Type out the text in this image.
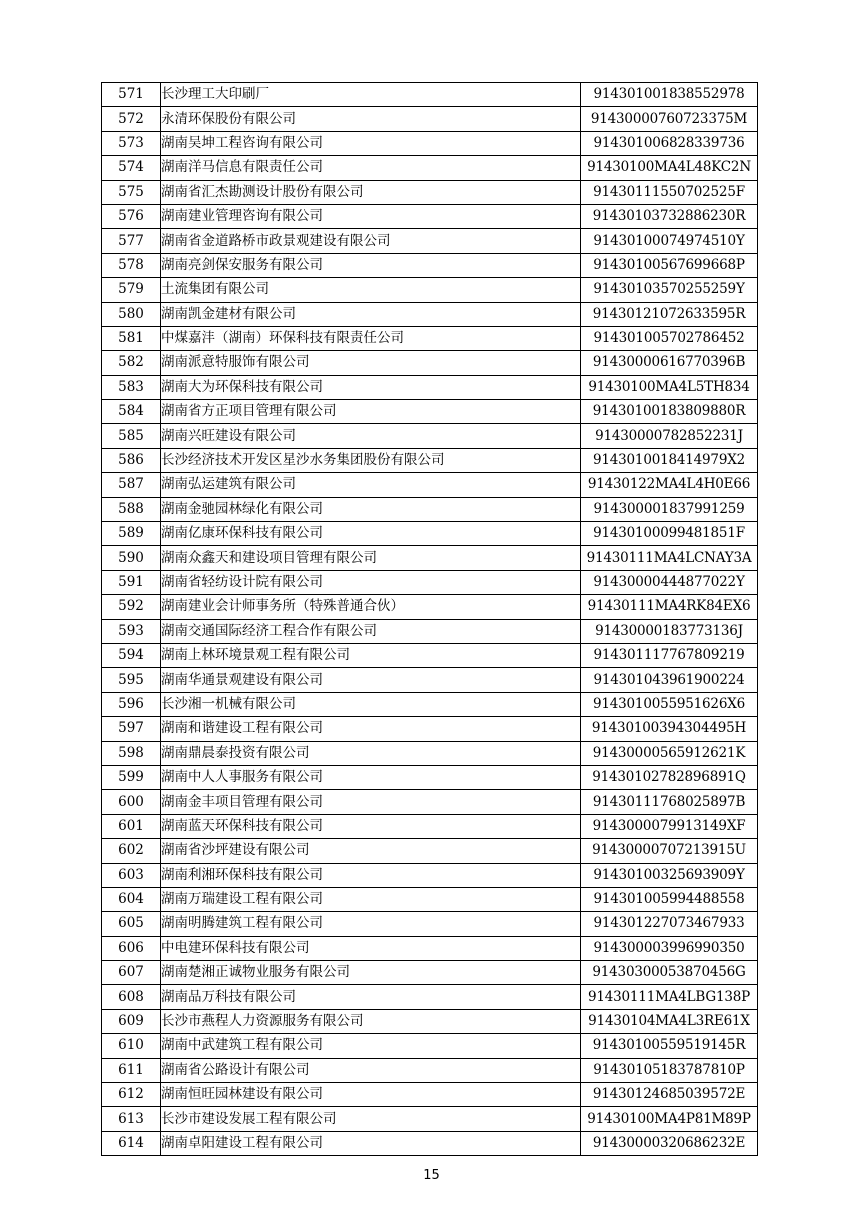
571	长沙理工大印刷厂	914301001838552978
572	永清环保股份有限公司	91430000760723375M
573	湖南吴坤工程咨询有限公司	914301006828339736
574	湖南洋马信息有限责任公司	91430100MA4L48KC2N
575	湖南省汇杰勘测设计股份有限公司	91430111550702525F
576	湖南建业管理咨询有限公司	91430103732886230R
577	湖南省金道路桥市政景观建设有限公司	91430100074974510Y
578	湖南亮剑保安服务有限公司	91430100567699668P
579	土流集团有限公司	91430103570255259Y
580	湖南凯金建材有限公司	91430121072633595R
581	中煤嘉沣（湖南）环保科技有限责任公司	914301005702786452
582	湖南派意特服饰有限公司	91430000616770396B
583	湖南大为环保科技有限公司	91430100MA4L5TH834
584	湖南省方正项目管理有限公司	91430100183809880R
585	湖南兴旺建设有限公司	91430000782852231J
586	长沙经济技术开发区星沙水务集团股份有限公司	9143010018414979X2
587	湖南弘运建筑有限公司	91430122MA4L4H0E66
588	湖南金驰园林绿化有限公司	914300001837991259
589	湖南亿康环保科技有限公司	91430100099481851F
590	湖南众鑫天和建设项目管理有限公司	91430111MA4LCNAY3A
591	湖南省轻纺设计院有限公司	91430000444877022Y
592	湖南建业会计师事务所（特殊普通合伙）	91430111MA4RK84EX6
593	湖南交通国际经济工程合作有限公司	91430000183773136J
594	湖南上林环境景观工程有限公司	914301117767809219
595	湖南华通景观建设有限公司	914301043961900224
596	长沙湘一机械有限公司	9143010055951626X6
597	湖南和谐建设工程有限公司	91430100394304495H
598	湖南鼎晨泰投资有限公司	91430000565912621K
599	湖南中人人事服务有限公司	91430102782896891Q
600	湖南金丰项目管理有限公司	91430111768025897B
601	湖南蓝天环保科技有限公司	9143000079913149XF
602	湖南省沙坪建设有限公司	91430000707213915U
603	湖南利湘环保科技有限公司	91430100325693909Y
604	湖南万瑞建设工程有限公司	914301005994488558
605	湖南明腾建筑工程有限公司	914301227073467933
606	中电建环保科技有限公司	914300003996990350
607	湖南楚湘正诚物业服务有限公司	91430300053870456G
608	湖南品万科技有限公司	91430111MA4LBG138P
609	长沙市燕程人力资源服务有限公司	91430104MA4L3RE61X
610	湖南中武建筑工程有限公司	91430100559519145R
611	湖南省公路设计有限公司	91430105183787810P
612	湖南恒旺园林建设有限公司	91430124685039572E
613	长沙市建设发展工程有限公司	91430100MA4P81M89P
614	湖南卓阳建设工程有限公司	91430000320686232E
15
